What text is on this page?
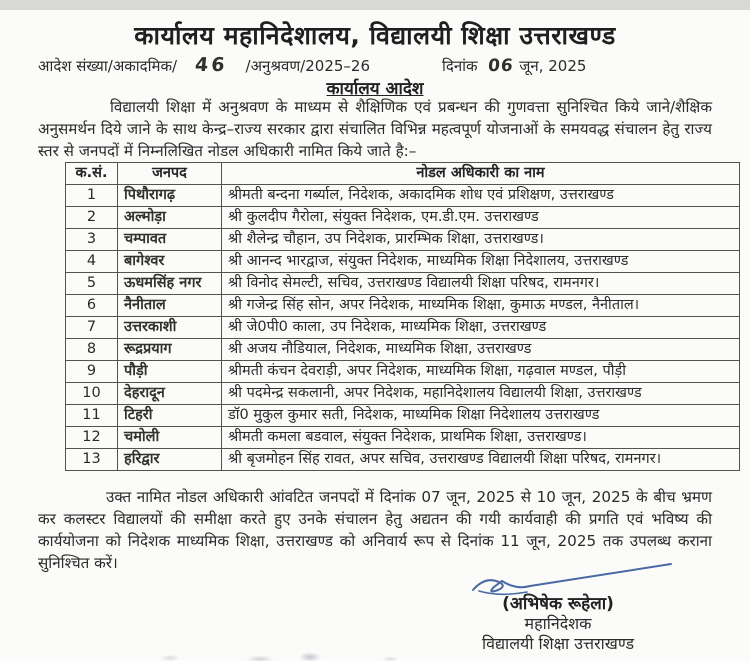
कार्यालय महानिदेशालय, विद्यालयी शिक्षा उत्तराखण्ड
आदेश संख्या/अकादमिक/ 46 /अनुश्रवण/2025–26	दिनांक 06 जून, 2025
कार्यालय आदेश

विद्यालयी शिक्षा में अनुश्रवण के माध्यम से शैक्षिणिक एवं प्रबन्धन की गुणवत्ता सुनिश्चित किये जाने/शैक्षिक अनुसमर्थन दिये जाने के साथ केन्द्र–राज्य सरकार द्वारा संचालित विभिन्न महत्वपूर्ण योजनाओं के समयवद्ध संचालन हेतु राज्य स्तर से जनपदों में निम्नलिखित नोडल अधिकारी नामित किये जाते है:–

क.सं.	जनपद	नोडल अधिकारी का नाम
1	पिथौरागढ़	श्रीमती बन्दना गर्ब्याल, निदेशक, अकादमिक शोध एवं प्रशिक्षण, उत्तराखण्ड
2	अल्मोड़ा	श्री कुलदीप गैरोला, संयुक्त निदेशक, एम.डी.एम. उत्तराखण्ड
3	चम्पावत	श्री शैलेन्द्र चौहान, उप निदेशक, प्रारम्भिक शिक्षा, उत्तराखण्ड।
4	बागेश्वर	श्री आनन्द भारद्वाज, संयुक्त निदेशक, माध्यमिक शिक्षा निदेशालय, उत्तराखण्ड
5	ऊधमसिंह नगर	श्री विनोद सेमल्टी, सचिव, उत्तराखण्ड विद्यालयी शिक्षा परिषद, रामनगर।
6	नैनीताल	श्री गजेन्द्र सिंह सोन, अपर निदेशक, माध्यमिक शिक्षा, कुमाऊ मण्डल, नैनीताल।
7	उत्तरकाशी	श्री जे0पी0 काला, उप निदेशक, माध्यमिक शिक्षा, उत्तराखण्ड
8	रूद्रप्रयाग	श्री अजय नौडियाल, निदेशक, माध्यमिक शिक्षा, उत्तराखण्ड
9	पौड़ी	श्रीमती कंचन देवराड़ी, अपर निदेशक, माध्यमिक शिक्षा, गढ़वाल मण्डल, पौड़ी
10	देहरादून	श्री पदमेन्द्र सकलानी, अपर निदेशक, महानिदेशालय विद्यालयी शिक्षा, उत्तराखण्ड
11	टिहरी	डॉ0 मुकुल कुमार सती, निदेशक, माध्यमिक शिक्षा निदेशालय उत्तराखण्ड
12	चमोली	श्रीमती कमला बडवाल, संयुक्त निदेशक, प्राथमिक शिक्षा, उत्तराखण्ड।
13	हरिद्वार	श्री बृजमोहन सिंह रावत, अपर सचिव, उत्तराखण्ड विद्यालयी शिक्षा परिषद, रामनगर।

उक्त नामित नोडल अधिकारी आंवटित जनपदों में दिनांक 07 जून, 2025 से 10 जून, 2025 के बीच भ्रमण कर कलस्टर विद्यालयों की समीक्षा करते हुए उनके संचालन हेतु अद्यतन की गयी कार्यवाही की प्रगति एवं भविष्य की कार्ययोजना को निदेशक माध्यमिक शिक्षा, उत्तराखण्ड को अनिवार्य रूप से दिनांक 11 जून, 2025 तक उपलब्ध कराना सुनिश्चित करें।

(अभिषेक रूहेला)
महानिदेशक
विद्यालयी शिक्षा उत्तराखण्ड
